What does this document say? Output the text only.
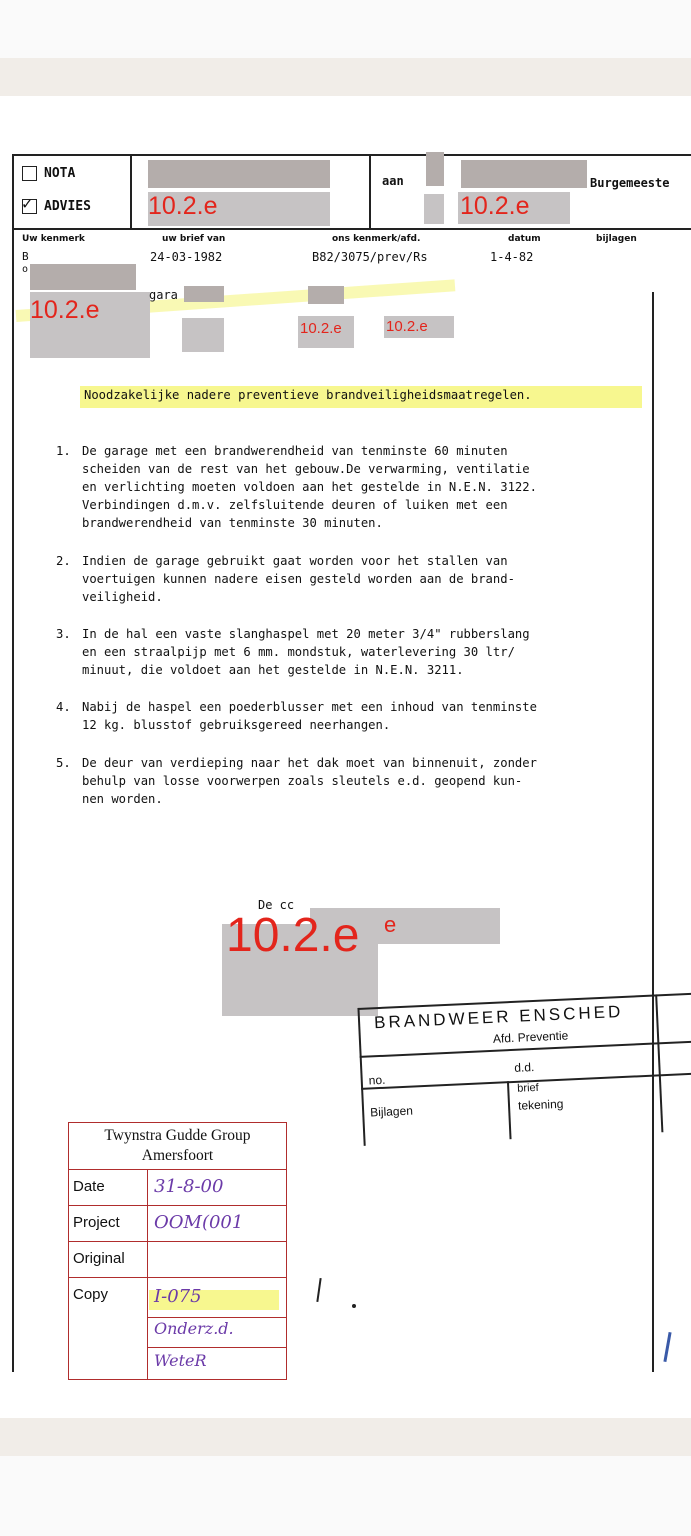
NOTA
✓ ADVIES 10.2.e
aan
10.2.e
Burgemeeste
Uw kenmerk	uw brief van	ons kenmerk/afd.	datum	bijlagen
B
o
24-03-1982	B82/3075/prev/Rs	1-4-82
10.2.e
gara
10.2.e	10.2.e
Noodzakelijke nadere preventieve brandveiligheidsmaatregelen.

1.

De garage met een brandwerendheid van tenminste 60 minuten
scheiden van de rest van het gebouw.De verwarming, ventilatie
en verlichting moeten voldoen aan het gestelde in N.E.N. 3122.
Verbindingen d.m.v. zelfsluitende deuren of luiken met een
brandwerendheid van tenminste 30 minuten.

2.

Indien de garage gebruikt gaat worden voor het stallen van
voertuigen kunnen nadere eisen gesteld worden aan de brand-
veiligheid.

3.

In de hal een vaste slanghaspel met 20 meter 3/4" rubberslang
en een straalpijp met 6 mm. mondstuk, waterlevering 30 ltr/
minuut, die voldoet aan het gestelde in N.E.N. 3211.

4.

Nabij de haspel een poederblusser met een inhoud van tenminste
12 kg. blusstof gebruiksgereed neerhangen.

5.

De deur van verdieping naar het dak moet van binnenuit, zonder
behulp van losse voorwerpen zoals sleutels e.d. geopend kun-
nen worden.

De cc
10.2.e e
BRANDWEER ENSCHED
Afd. Preventie
no.
d.d.
Bijlagen
brief
tekening
Twynstra Gudde Group
Amersfoort
Date	31-8-00
Project OOM(001
Original
Copy	I-075
Onderz.d.
WeteR
